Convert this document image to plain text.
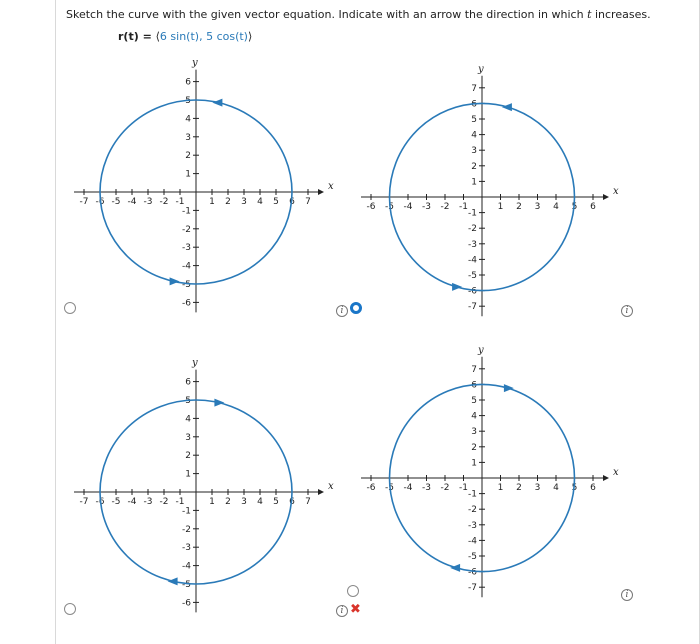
Sketch the curve with the given vector equation. Indicate with an arrow the direction in which t increases.
r(t) = ⟨6 sin(t), 5 cos(t)⟩
x
y
-7 -6 -5 -4 -3 -2 -1	1 2 3 4 5 6 7
6
5
4
3
2
1
-1
-2
-3
-4
-5
-6
x
y
-6 -5 -4 -3 -2 -1	1 2 3 4 5 6
7
6
5
4
3
2
1
-1
-2
-3
-4
-5
-6
-7
x
y
-7 -6 -5 -4 -3 -2 -1	1 2 3 4 5 6 7
6
5
4
3
2
1
-1
-2
-3
-4
-5
-6
x
y
-6 -5 -4 -3 -2 -1	1 2 3 4 5 6
7
6
5
4
3
2
1
-1
-2
-3
-4
-5
-6
-7
i	i
i ✖
i
